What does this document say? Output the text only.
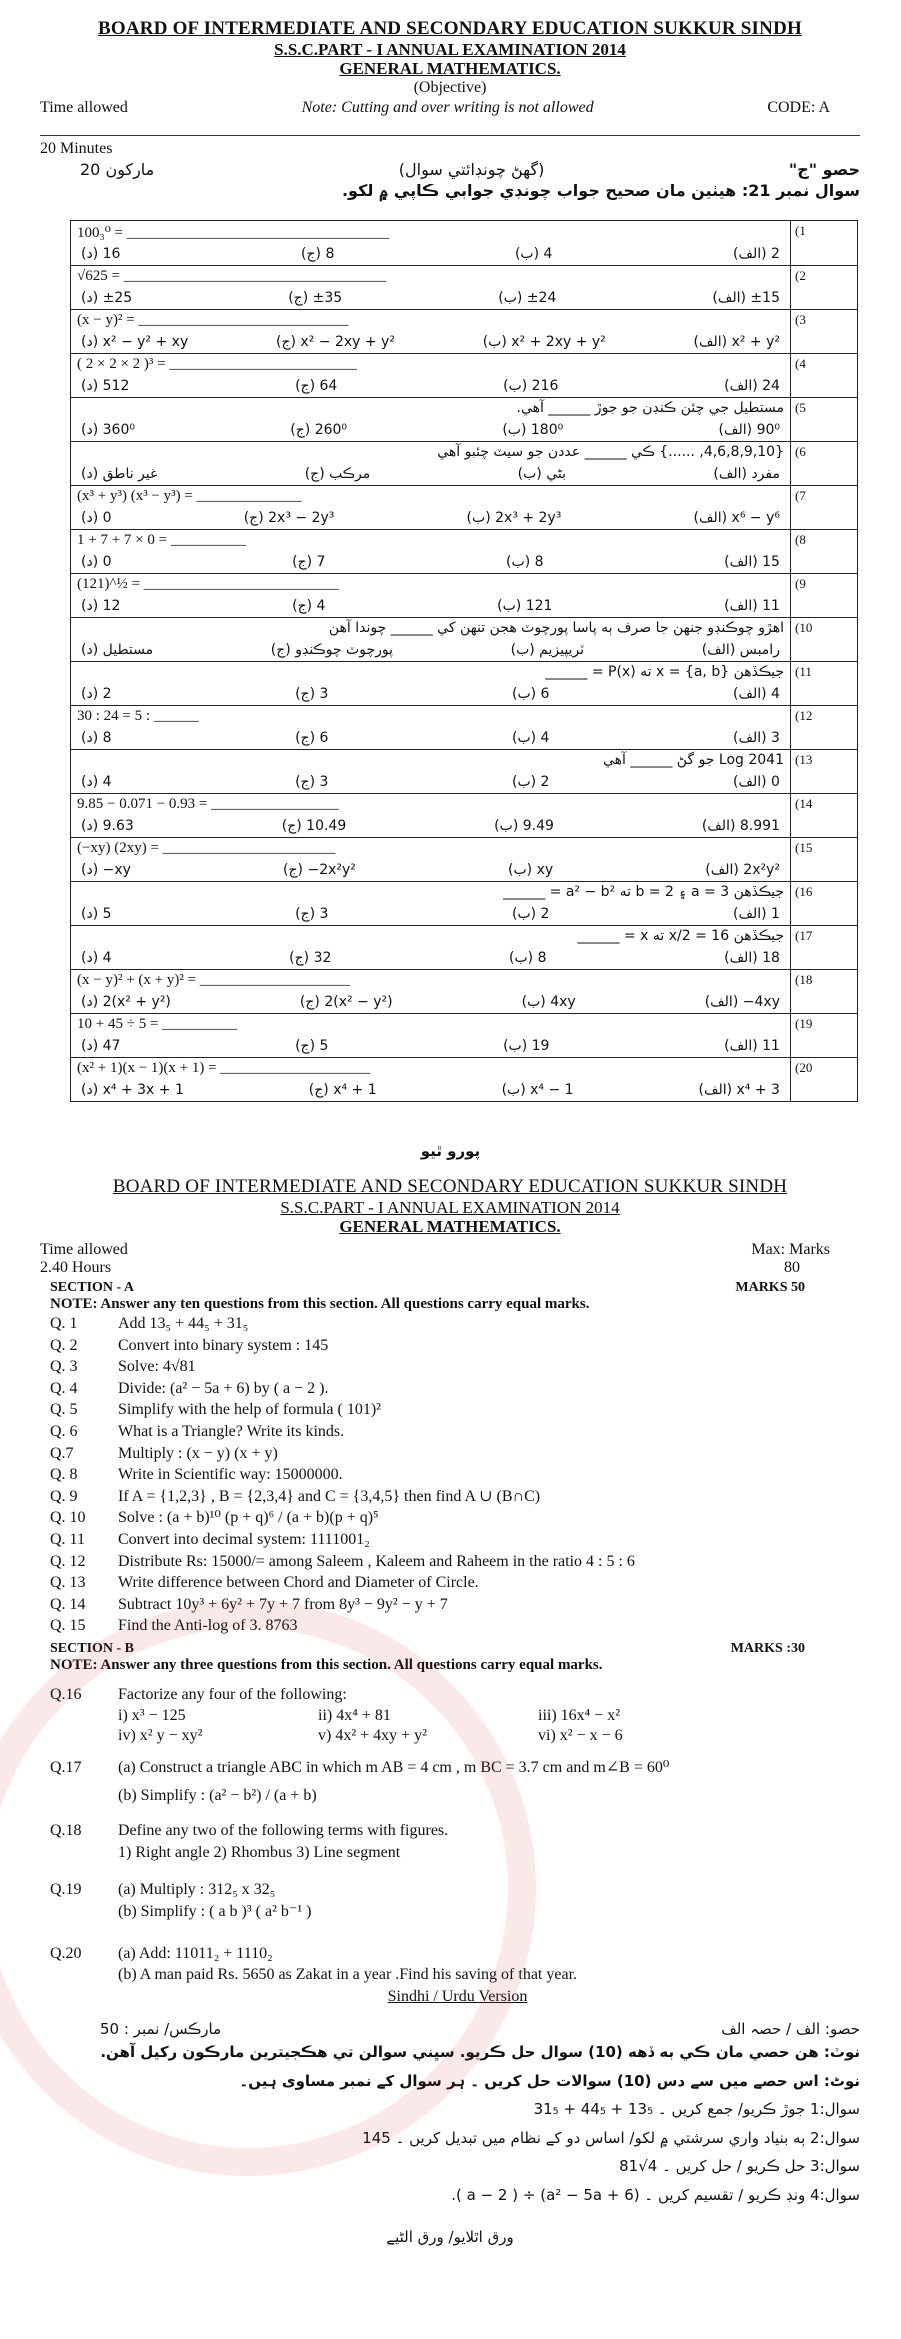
BOARD OF INTERMEDIATE AND SECONDARY EDUCATION SUKKUR SINDH
S.S.C.PART - I ANNUAL EXAMINATION 2014
GENERAL MATHEMATICS.
(Objective)
Time allowed	Note: Cutting and over writing is not allowed	CODE: A
20 Minutes
مارکون 20	(گهڻ چونڊائتي سوال)	حصو "ج"
سوال نمبر 21: هيٺين مان صحيح جواب چونڊي جوابي ڪاپي ۾ لکو.
100₃⁰ = ___________________________________
(الف) 2
(ب) 4
(ج) 8
(د) 16	(1

√625 = ___________________________________
(الف) ±15
(ب) ±24
(ج) ±35
(د) ±25	(2

(x − y)² = ____________________________
(الف) x² + y²
(ب) x² + 2xy + y²
(ج) x² − 2xy + y²
(د) x² − y² + xy	(3

( 2 × 2 × 2 )³ = _________________________
(الف) 24
(ب) 216
(ج) 64
(د) 512	(4

مستطيل جي چئن ڪنڊن جو جوڙ ______ آهي.
(الف) 90⁰
(ب) 180⁰
(ج) 260⁰
(د) 360⁰	(5

{4,6,8,9,10, ......} ڪي ______ عددن جو سيٽ چئبو آهي
(الف) مفرد
(ب) بڻي
(ج) مرڪب
(د) غير ناطق	(6

(x³ + y³) (x³ − y³) = ______________
(الف) x⁶ − y⁶
(ب) 2x³ + 2y³
(ج) 2x³ − 2y³
(د) 0	(7

1 + 7 + 7 × 0 = __________
(الف) 15
(ب) 8
(ج) 7
(د) 0	(8

(121)^½ = __________________________
(الف) 11
(ب) 121
(ج) 4
(د) 12	(9

اهڙو چوڪنڊو جنهن جا صرف ٻه پاسا پورچوٽ هجن تنهن کي ______ چوندا آهن
(الف) رامبس
(ب) ٽريپيزيم
(ج) پورچوٽ چوڪنڊو
(د) مستطيل	(10

جيڪڏهن {a, b} = x ته P(x) = ______
(الف) 4
(ب) 6
(ج) 3
(د) 2	(11

30 : 24 = 5 : ______
(الف) 3
(ب) 4
(ج) 6
(د) 8	(12

Log 2041 جو گڻ ______ آهي
(الف) 0
(ب) 2
(ج) 3
(د) 4	(13

9.85 − 0.071 − 0.93 = _________________
(الف) 8.991
(ب) 9.49
(ج) 10.49
(د) 9.63	(14

(−xy) (2xy) = _______________________
(الف) 2x²y²
(ب) xy
(ج) −2x²y²
(د) −xy	(15

جيڪڏهن a = 3 ۽ b = 2 ته a² − b² = ______
(الف) 1
(ب) 2
(ج) 3
(د) 5	(16

جيڪڏهن x/2 = 16 ته x = ______
(الف) 18
(ب) 8
(ج) 32
(د) 4	(17

(x − y)² + (x + y)² = ____________________
(الف) −4xy
(ب) 4xy
(ج) 2(x² − y²)
(د) 2(x² + y²)	(18

10 + 45 ÷ 5 = __________
(الف) 11
(ب) 19
(ج) 5
(د) 47	(19

(x² + 1)(x − 1)(x + 1) = ____________________
(الف) x⁴ + 3
(ب) x⁴ − 1
(ج) x⁴ + 1
(د) x⁴ + 3x + 1	(20
پورو ٿيو
BOARD OF INTERMEDIATE AND SECONDARY EDUCATION SUKKUR SINDH
S.S.C.PART - I ANNUAL EXAMINATION 2014
GENERAL MATHEMATICS.
Time allowed	Max: Marks
2.40 Hours	80
SECTION - A	MARKS 50
NOTE: Answer any ten questions from this section. All questions carry equal marks.
Q. 1	Add 13₅ + 44₅ + 31₅
Q. 2	Convert into binary system : 145
Q. 3	Solve: 4√81
Q. 4	Divide: (a² − 5a + 6) by ( a − 2 ).
Q. 5	Simplify with the help of formula ( 101)²
Q. 6	What is a Triangle? Write its kinds.
Q.7	Multiply : (x − y) (x + y)
Q. 8	Write in Scientific way: 15000000.
Q. 9	If A = {1,2,3} , B = {2,3,4} and C = {3,4,5} then find A ∪ (B∩C)
Q. 10	Solve : (a + b)¹⁰ (p + q)⁶ / (a + b)(p + q)⁵
Q. 11	Convert into decimal system: 1111001₂
Q. 12	Distribute Rs: 15000/= among Saleem , Kaleem and Raheem in the ratio 4 : 5 : 6
Q. 13	Write difference between Chord and Diameter of Circle.
Q. 14	Subtract 10y³ + 6y² + 7y + 7 from 8y³ − 9y² − y + 7
Q. 15	Find the Anti-log of 3. 8763
SECTION - B	MARKS :30
NOTE: Answer any three questions from this section. All questions carry equal marks.
Q.16	Factorize any four of the following:
i) x³ − 125	ii) 4x⁴ + 81	iii) 16x⁴ − x²
iv) x² y − xy²	v) 4x² + 4xy + y²	vi) x² − x − 6
Q.17	(a) Construct a triangle ABC in which m AB = 4 cm , m BC = 3.7 cm and m∠B = 60⁰
(b) Simplify : (a² − b²) / (a + b)
Q.18	Define any two of the following terms with figures.
1) Right angle 2) Rhombus 3) Line segment
Q.19	(a) Multiply : 312₅ x 32₅
(b) Simplify : ( a b )³ ( a² b⁻¹ )
Q.20	(a) Add: 11011₂ + 1110₂
(b) A man paid Rs. 5650 as Zakat in a year .Find his saving of that year.
Sindhi / Urdu Version
مارڪس/ نمبر : 50	حصو: الف / حصہ الف
نوٽ: هن حصي مان ڪي به ڏهه (10) سوال حل ڪريو. سڀني سوالن تي هڪجيترين مارڪون رکيل آهن.
نوٹ: اس حصے میں سے دس (10) سوالات حل کریں ۔ ہر سوال کے نمبر مساوی ہیں۔
سوال:1 جوڙ ڪريو/ جمع کریں ۔ 13₅ + 44₅ + 31₅
سوال:2 ٻه بنياد واري سرشتي ۾ لکو/ اساس دو کے نظام میں تبدیل کریں ۔ 145
سوال:3 حل ڪريو / حل کریں ۔ 4√81
سوال:4 ونڊ ڪريو / تقسیم کریں ۔ (a² − 5a + 6) ÷ ( a − 2 ).
ورق اٿلايو/ ورق الٹیے
